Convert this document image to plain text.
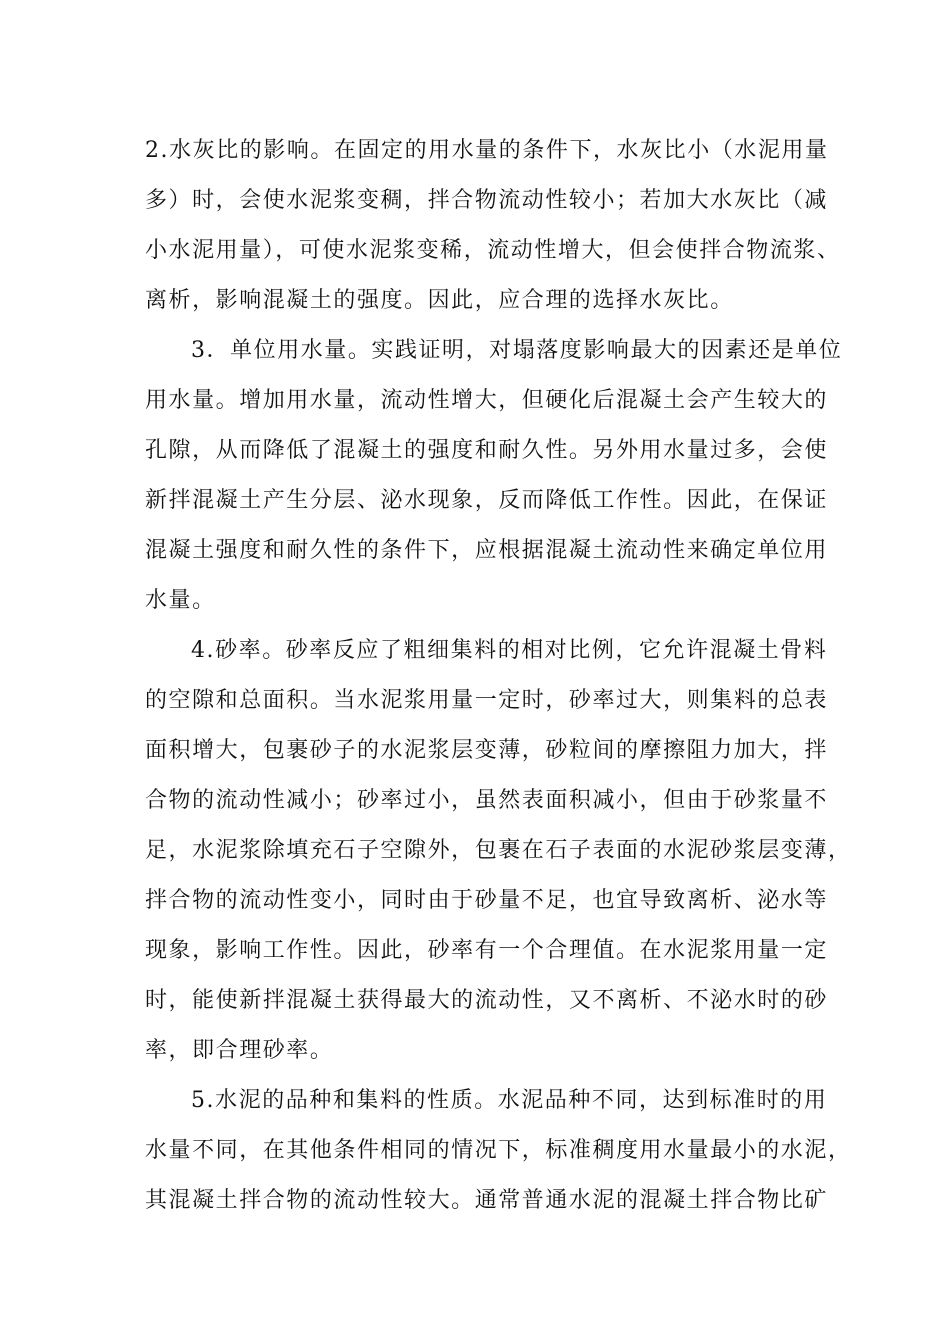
2.水灰比的影响。在固定的用水量的条件下，水灰比小（水泥用量

多）时，会使水泥浆变稠，拌合物流动性较小；若加大水灰比（减

小水泥用量），可使水泥浆变稀，流动性增大，但会使拌合物流浆、

离析，影响混凝土的强度。因此，应合理的选择水灰比。

3．单位用水量。实践证明，对塌落度影响最大的因素还是单位

用水量。增加用水量，流动性增大，但硬化后混凝土会产生较大的

孔隙，从而降低了混凝土的强度和耐久性。另外用水量过多，会使

新拌混凝土产生分层、泌水现象，反而降低工作性。因此，在保证

混凝土强度和耐久性的条件下，应根据混凝土流动性来确定单位用

水量。

4.砂率。砂率反应了粗细集料的相对比例，它允许混凝土骨料

的空隙和总面积。当水泥浆用量一定时，砂率过大，则集料的总表

面积增大，包裹砂子的水泥浆层变薄，砂粒间的摩擦阻力加大，拌

合物的流动性减小；砂率过小，虽然表面积减小，但由于砂浆量不

足，水泥浆除填充石子空隙外，包裹在石子表面的水泥砂浆层变薄，

拌合物的流动性变小，同时由于砂量不足，也宜导致离析、泌水等

现象，影响工作性。因此，砂率有一个合理值。在水泥浆用量一定

时，能使新拌混凝土获得最大的流动性，又不离析、不泌水时的砂

率，即合理砂率。

5.水泥的品种和集料的性质。水泥品种不同，达到标准时的用

水量不同，在其他条件相同的情况下，标准稠度用水量最小的水泥，

其混凝土拌合物的流动性较大。通常普通水泥的混凝土拌合物比矿
